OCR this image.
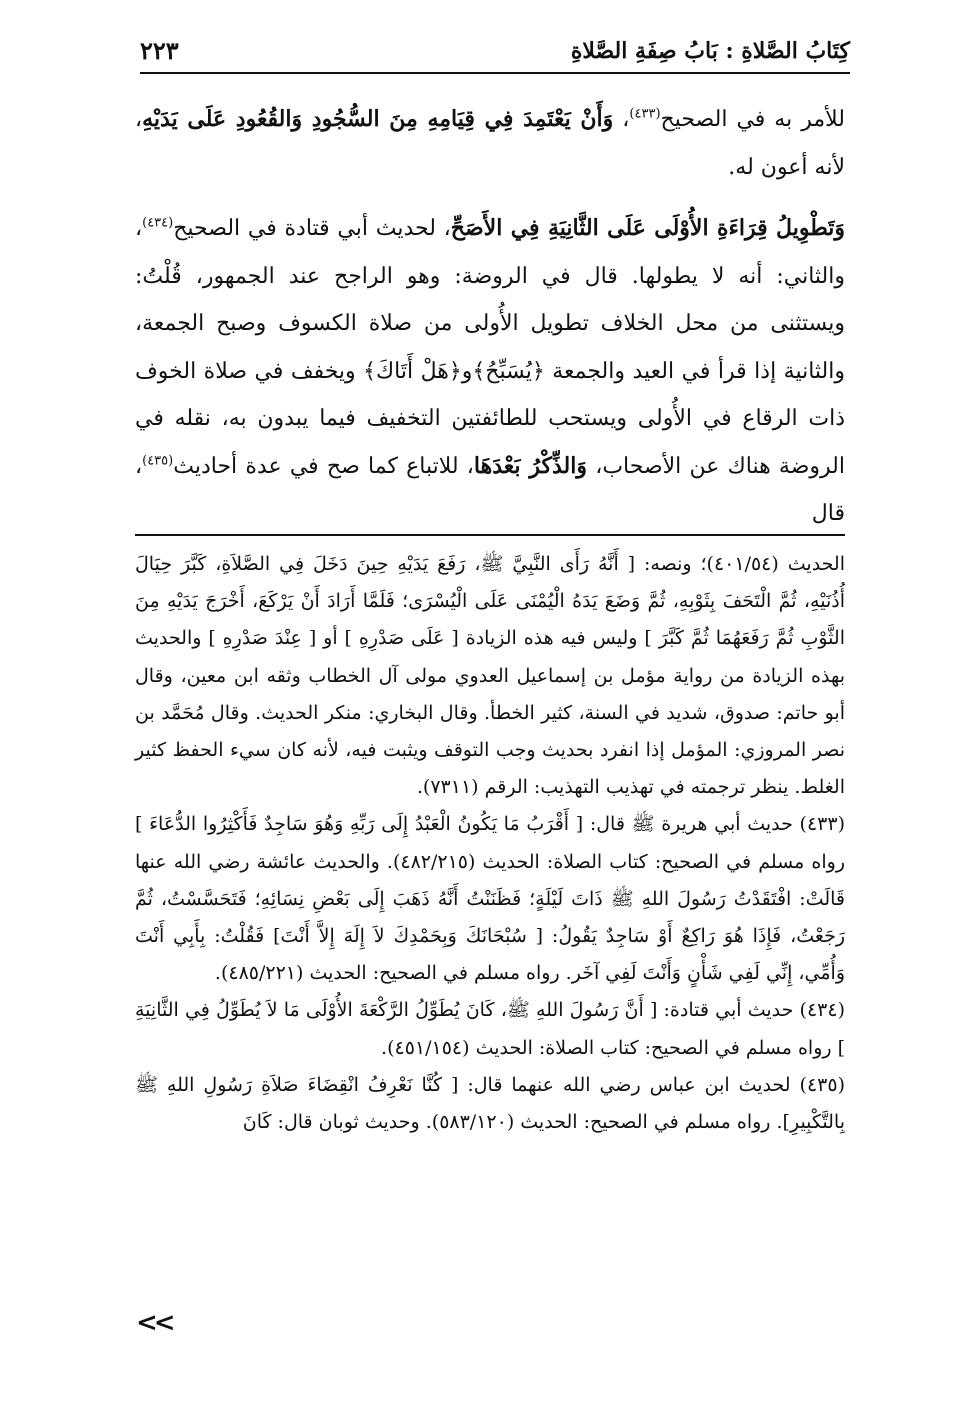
كِتَابُ الصَّلاةِ : بَابُ صِفَةِ الصَّلاةِ
٢٢٣

للأمر به في الصحيح$^{(٤٣٣)}$، وَأَنْ يَعْتَمِدَ فِي قِيَامِهِ مِنَ السُّجُودِ وَالقُعُودِ عَلَى يَدَيْهِ، لأنه أعون له.

وَتَطْوِيلُ قِرَاءَةِ الأُوْلَى عَلَى الثَّانِيَةِ فِي الأَصَحِّ، لحديث أبي قتادة في الصحيح$^{(٤٣٤)}$، والثاني: أنه لا يطولها. قال في الروضة: وهو الراجح عند الجمهور، قُلْتُ: ويستثنى من محل الخلاف تطويل الأُولى من صلاة الكسوف وصبح الجمعة، والثانية إذا قرأ في العيد والجمعة ﴿يُسَبِّحُ﴾و﴿هَلْ أَتَاكَ﴾ ويخفف في صلاة الخوف ذات الرقاع في الأُولى ويستحب للطائفتين التخفيف فيما يبدون به، نقله في الروضة هناك عن الأصحاب، وَالذِّكْرُ بَعْدَهَا، للاتباع كما صح في عدة أحاديث$^{(٤٣٥)}$، قال

الحديث (٤٠١/٥٤)؛ ونصه: [ أَنَّهُ رَأَى النَّبِيَّ ﷺ، رَفَعَ يَدَيْهِ حِينَ دَخَلَ فِي الصَّلاَةِ، كَبَّرَ حِيَالَ أُذُنَيْهِ، ثُمَّ الْتَحَفَ بِثَوْبِهِ، ثُمَّ وَضَعَ يَدَهُ الْيُمْنَى عَلَى الْيُسْرَى؛ فَلَمَّا أَرَادَ أَنْ يَرْكَعَ، أَخْرَجَ يَدَيْهِ مِنَ الثَّوْبِ ثُمَّ رَفَعَهُمَا ثُمَّ كَبَّرَ ] وليس فيه هذه الزيادة [ عَلَى صَدْرِهِ ] أو [ عِنْدَ صَدْرِهِ ] والحديث بهذه الزيادة من رواية مؤمل بن إسماعيل العدوي مولى آل الخطاب وثقه ابن معين، وقال أبو حاتم: صدوق، شديد في السنة، كثير الخطأ. وقال البخاري: منكر الحديث. وقال مُحَمَّد بن نصر المروزي: المؤمل إذا انفرد بحديث وجب التوقف ويثبت فيه، لأنه كان سيء الحفظ كثير الغلط. ينظر ترجمته في تهذيب التهذيب: الرقم (٧٣١١).

(٤٣٣) حديث أبي هريرة ﷺ قال: [ أَقْرَبُ مَا يَكُونُ الْعَبْدُ إِلَى رَبِّهِ وَهُوَ سَاجِدٌ فَأَكْثِرُوا الدُّعَاءَ ] رواه مسلم في الصحيح: كتاب الصلاة: الحديث (٤٨٢/٢١٥). والحديث عائشة رضي الله عنها قَالَتْ: افْتَقَدْتُ رَسُولَ اللهِ ﷺ ذَاتَ لَيْلَةٍ؛ فَظَنَنْتُ أَنَّهُ ذَهَبَ إِلَى بَعْضِ نِسَائِهِ؛ فَتَحَسَّسْتُ، ثُمَّ رَجَعْتُ، فَإِذَا هُوَ رَاكِعٌ أَوْ سَاجِدٌ يَقُولُ: [ سُبْحَانَكَ وَبِحَمْدِكَ لاَ إِلَهَ إِلاَّ أَنْتَ] فَقُلْتُ: بِأَبِي أَنْتَ وَأُمِّي، إِنِّي لَفِي شَأْنٍ وَأَنْتَ لَفِي آخَر. رواه مسلم في الصحيح: الحديث (٤٨٥/٢٢١).

(٤٣٤) حديث أبي قتادة: [ أَنَّ رَسُولَ اللهِ ﷺ، كَانَ يُطَوِّلُ الرَّكْعَةَ الأُوْلَى مَا لاَ يُطَوِّلُ فِي الثَّانِيَةِ ] رواه مسلم في الصحيح: كتاب الصلاة: الحديث (٤٥١/١٥٤).

(٤٣٥) لحديث ابن عباس رضي الله عنهما قال: [ كُنَّا نَعْرِفُ انْقِضَاءَ صَلاَةِ رَسُولِ اللهِ ﷺ بِالتَّكْبِيرِ]. رواه مسلم في الصحيح: الحديث (٥٨٣/١٢٠). وحديث ثوبان قال: كَانَ

<<
